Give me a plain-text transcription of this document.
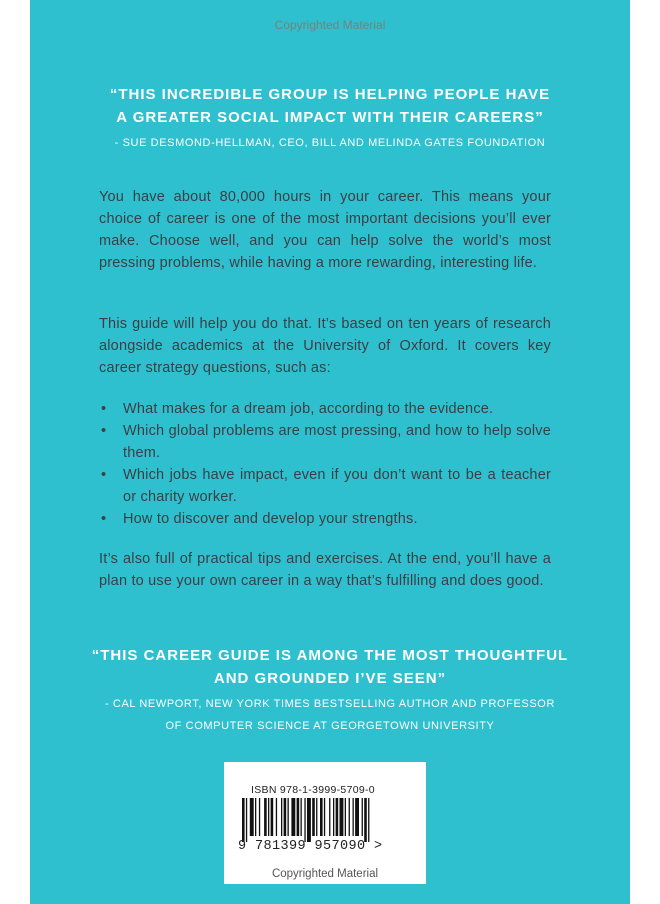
Copyrighted Material
“THIS INCREDIBLE GROUP IS HELPING PEOPLE HAVE
A GREATER SOCIAL IMPACT WITH THEIR CAREERS”
- SUE DESMOND-HELLMAN, CEO, BILL AND MELINDA GATES FOUNDATION
You have about 80,000 hours in your career. This means your choice of career is one of the most important decisions you’ll ever make. Choose well, and you can help solve the world’s most pressing problems, while having a more rewarding, interesting life.
This guide will help you do that. It’s based on ten years of research alongside academics at the University of Oxford. It covers key career strategy questions, such as:
• What makes for a dream job, according to the evidence.
• Which global problems are most pressing, and how to help solve them.
• Which jobs have impact, even if you don’t want to be a teacher or charity worker.
• How to discover and develop your strengths.
It’s also full of practical tips and exercises. At the end, you’ll have a plan to use your own career in a way that’s fulfilling and does good.
“THIS CAREER GUIDE IS AMONG THE MOST THOUGHTFUL
AND GROUNDED I’VE SEEN”
- CAL NEWPORT, NEW YORK TIMES BESTSELLING AUTHOR AND PROFESSOR
OF COMPUTER SCIENCE AT GEORGETOWN UNIVERSITY
ISBN 978-1-3999-5709-0
9 781399 957090 >
Copyrighted Material
